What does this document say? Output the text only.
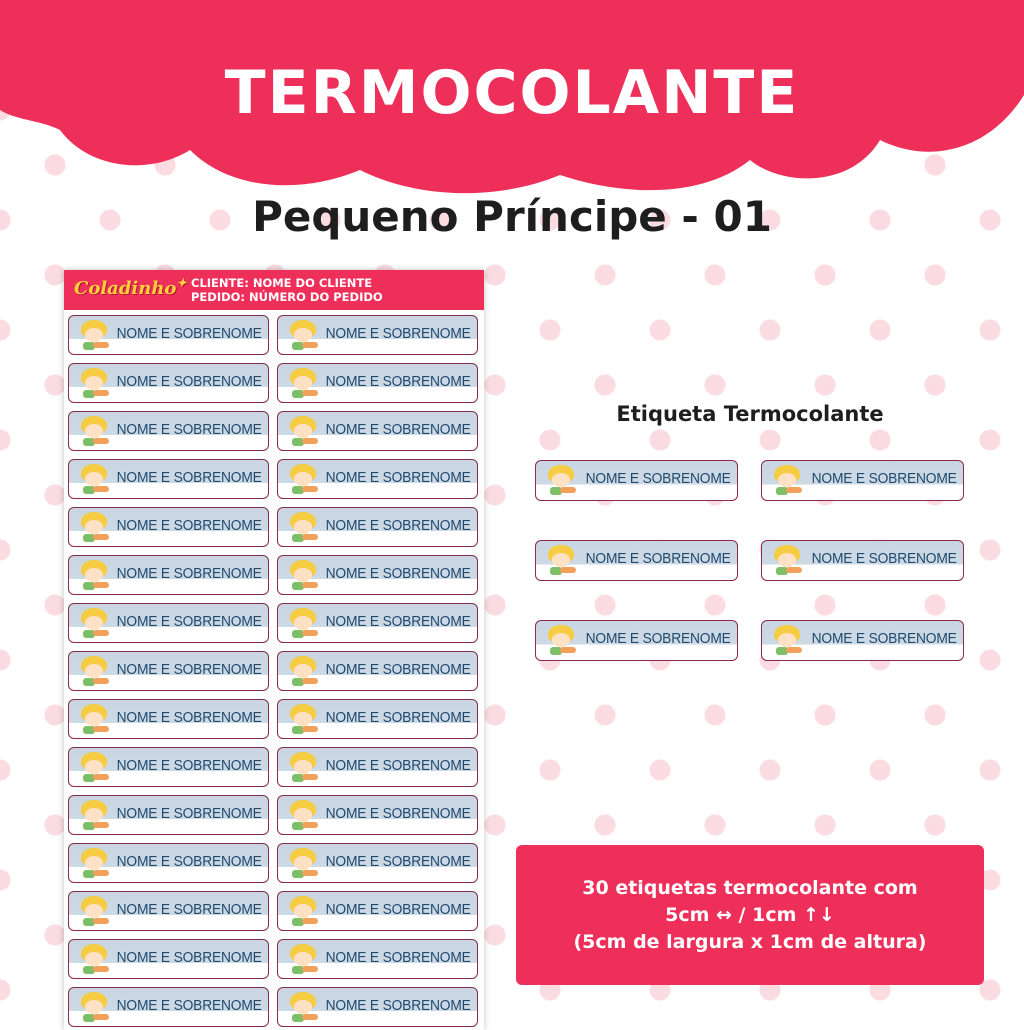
TERMOCOLANTE
Pequeno Príncipe - 01
Coladinho✦ CLIENTE: NOME DO CLIENTE
PEDIDO: NÚMERO DO PEDIDO
NOME E SOBRENOME	NOME E SOBRENOME
NOME E SOBRENOME	NOME E SOBRENOME
NOME E SOBRENOME	NOME E SOBRENOME
NOME E SOBRENOME	NOME E SOBRENOME
NOME E SOBRENOME	NOME E SOBRENOME
NOME E SOBRENOME	NOME E SOBRENOME
NOME E SOBRENOME	NOME E SOBRENOME
NOME E SOBRENOME	NOME E SOBRENOME
NOME E SOBRENOME	NOME E SOBRENOME
NOME E SOBRENOME	NOME E SOBRENOME
NOME E SOBRENOME	NOME E SOBRENOME
NOME E SOBRENOME	NOME E SOBRENOME
NOME E SOBRENOME	NOME E SOBRENOME
NOME E SOBRENOME	NOME E SOBRENOME
NOME E SOBRENOME	NOME E SOBRENOME
Etiqueta Termocolante
NOME E SOBRENOME	NOME E SOBRENOME
NOME E SOBRENOME	NOME E SOBRENOME
NOME E SOBRENOME	NOME E SOBRENOME
30 etiquetas termocolante com
5cm ↔ / 1cm ↑↓
(5cm de largura x 1cm de altura)
